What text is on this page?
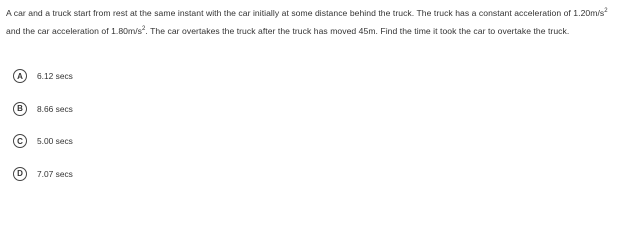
A car and a truck start from rest at the same instant with the car initially at some distance behind the truck. The truck has a constant acceleration of $1.20m/s^2$ and the car acceleration of $1.80m/s^2$. The car overtakes the truck after the truck has moved 45m. Find the time it took the car to overtake the truck.
A	6.12 secs
B	8.66 secs
C	5.00 secs
D	7.07 secs
